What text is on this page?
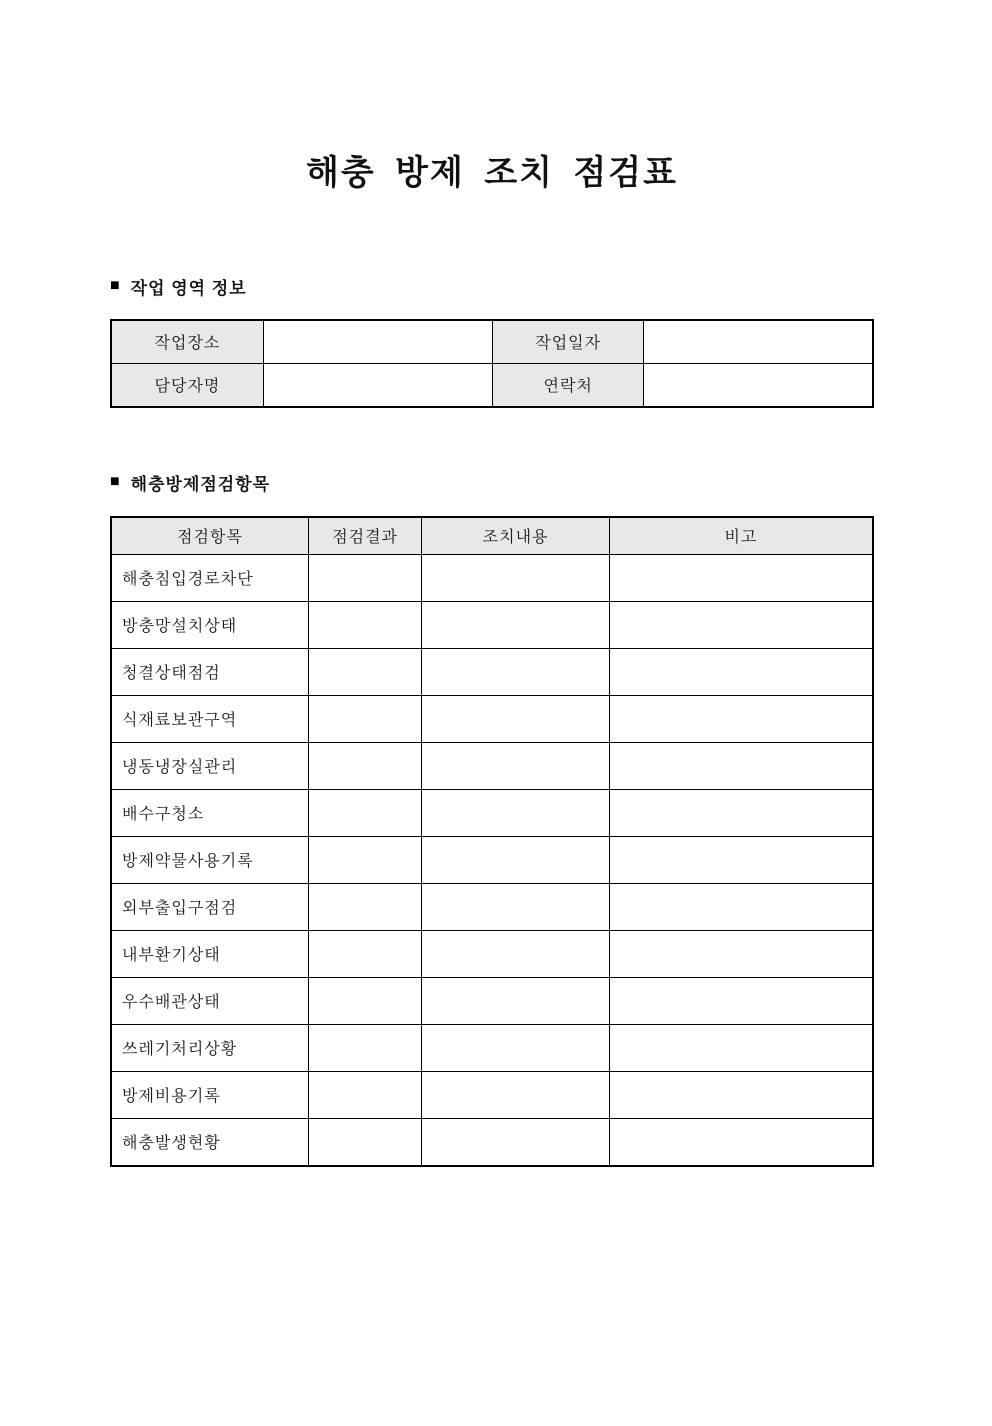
해충 방제 조치 점검표
■ 작업 영역 정보
작업장소		작업일자	
담당자명		연락처	
■ 해충방제점검항목
점검항목	점검결과	조치내용	비고
해충침입경로차단			
방충망설치상태			
청결상태점검			
식재료보관구역			
냉동냉장실관리			
배수구청소			
방제약물사용기록			
외부출입구점검			
내부환기상태			
우수배관상태			
쓰레기처리상황			
방제비용기록			
해충발생현황			
